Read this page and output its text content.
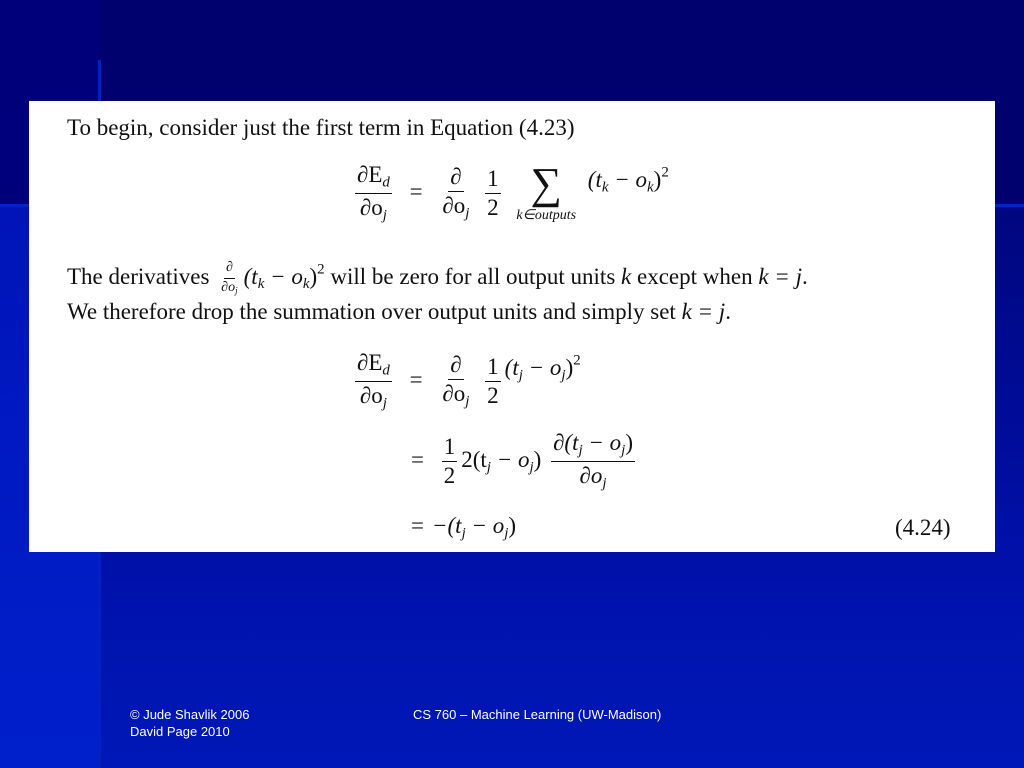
To begin, consider just the first term in Equation (4.23)
$\frac{\partial E_d}{\partial o_j} = \frac{\partial}{\partial o_j}$
$\frac{1}{2}$
∑
k∈outputs
$(t_k - o_k)^2$
The derivatives $\frac{\partial}{\partial o_j} (t_k - o_k)^2$ will be zero for all output units k except when k = j.
We therefore drop the summation over output units and simply set k = j.
$\frac{\partial E_d}{\partial o_j} = \frac{\partial}{\partial o_j}$
$\frac{1}{2} (t_j - o_j)^2$
= $\frac{1}{2} 2(t_j - o_j) \frac{\partial(t_j - o_j)}{\partial o_j}$
= $-(t_j - o_j)$	(4.24)
© Jude Shavlik 2006
David Page 2010
CS 760 – Machine Learning (UW-Madison)
